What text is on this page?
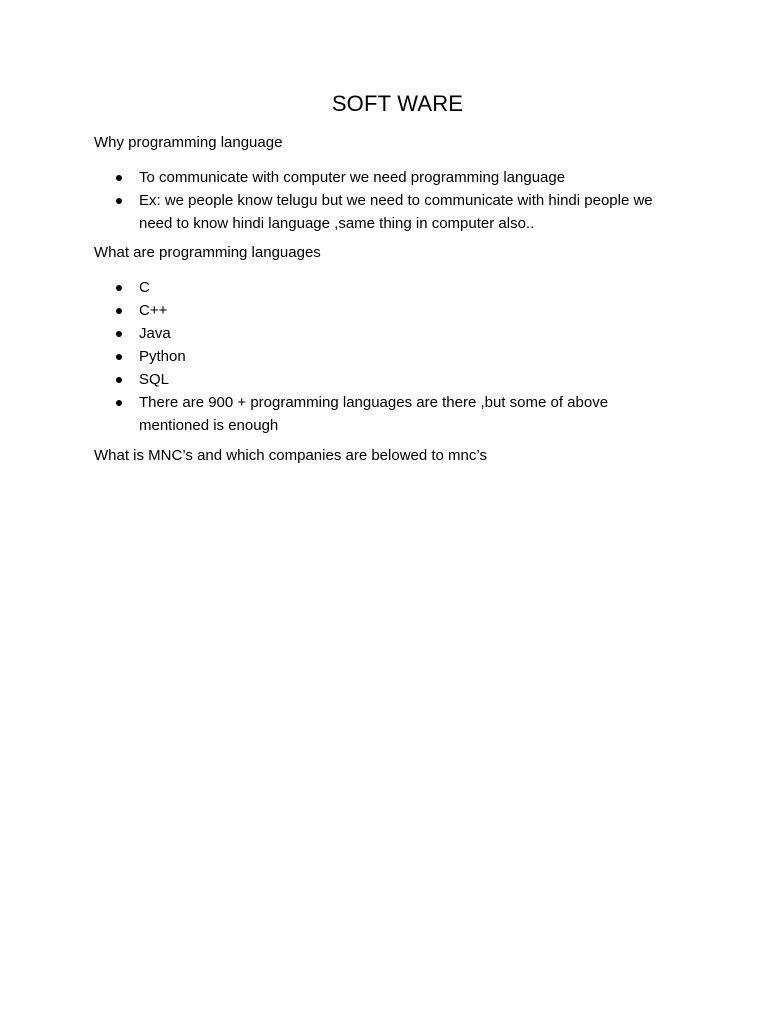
SOFT WARE
Why programming language
To communicate with computer we need programming language
Ex: we people know telugu but we need to communicate with hindi people we need to know hindi language ,same thing in computer also..
What are programming languages
C
C++
Java
Python
SQL
There are 900 + programming languages are there ,but some of above mentioned is enough
What is MNC’s and which companies are belowed to mnc’s
